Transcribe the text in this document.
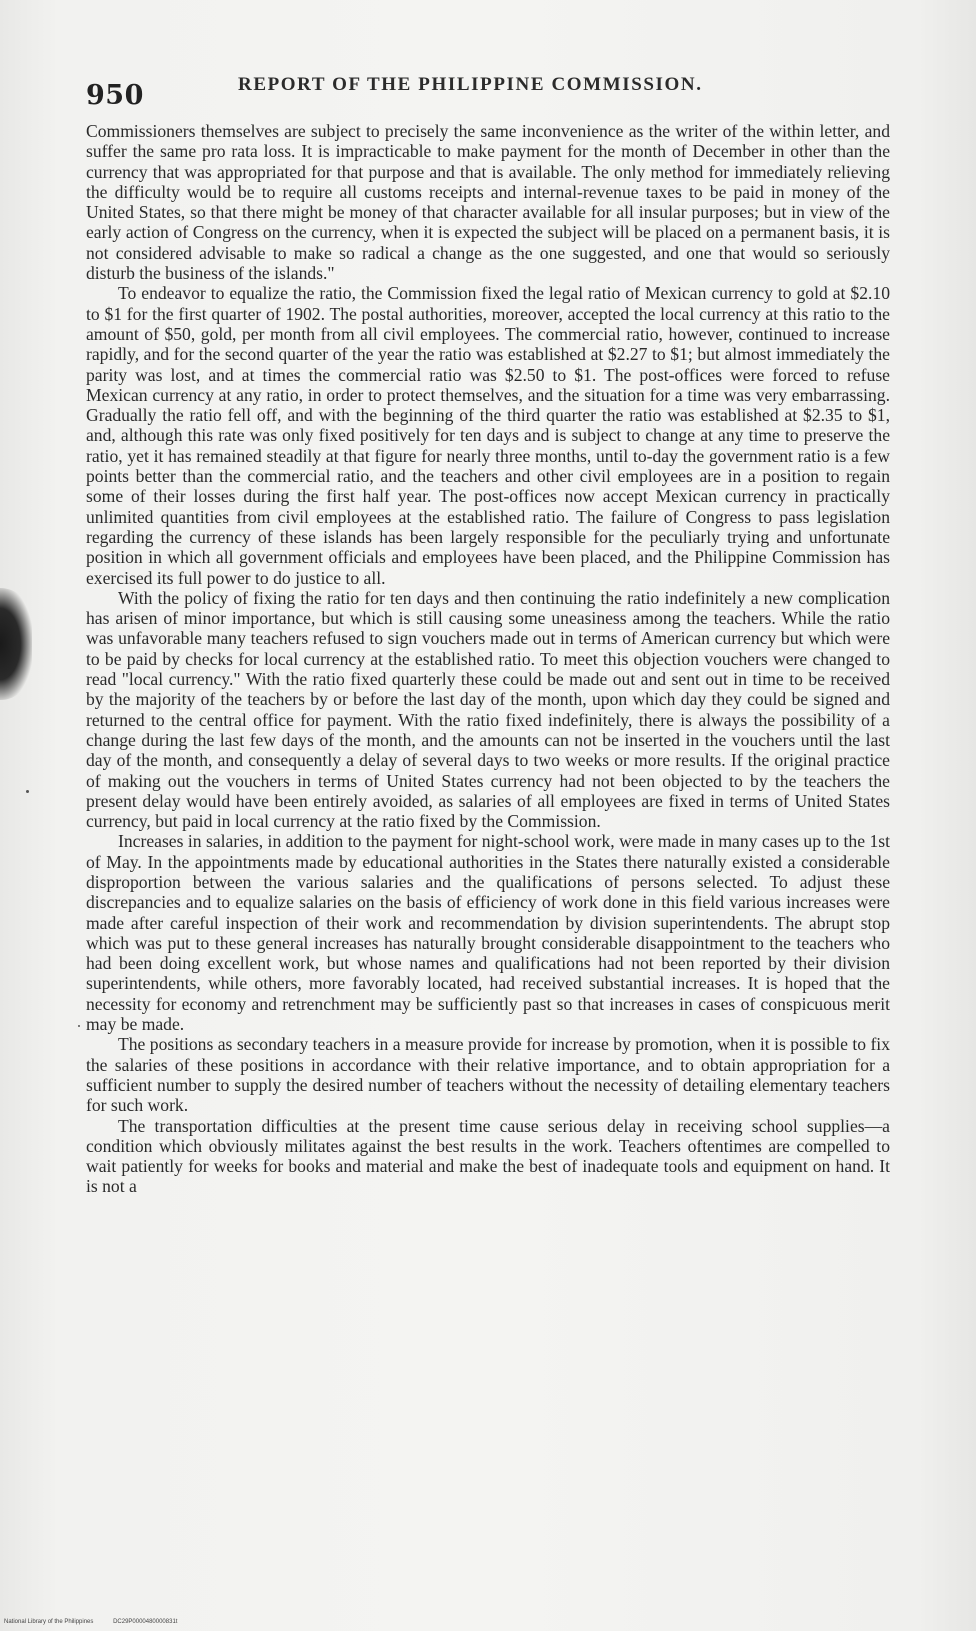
950	REPORT OF THE PHILIPPINE COMMISSION.

Commissioners themselves are subject to precisely the same inconvenience as the writer of the within letter, and suffer the same pro rata loss. It is impracticable to make payment for the month of December in other than the currency that was appropriated for that purpose and that is available. The only method for immediately relieving the difficulty would be to require all customs receipts and internal-revenue taxes to be paid in money of the United States, so that there might be money of that character available for all insular purposes; but in view of the early action of Congress on the currency, when it is expected the subject will be placed on a permanent basis, it is not considered advisable to make so radical a change as the one suggested, and one that would so seriously disturb the business of the islands."

To endeavor to equalize the ratio, the Commission fixed the legal ratio of Mexican currency to gold at $2.10 to $1 for the first quarter of 1902. The postal authorities, moreover, accepted the local currency at this ratio to the amount of $50, gold, per month from all civil employees. The commercial ratio, however, continued to increase rapidly, and for the second quarter of the year the ratio was established at $2.27 to $1; but almost immediately the parity was lost, and at times the commercial ratio was $2.50 to $1. The post-offices were forced to refuse Mexican currency at any ratio, in order to protect themselves, and the situation for a time was very embarrassing. Gradually the ratio fell off, and with the beginning of the third quarter the ratio was established at $2.35 to $1, and, although this rate was only fixed positively for ten days and is subject to change at any time to preserve the ratio, yet it has remained steadily at that figure for nearly three months, until to-day the government ratio is a few points better than the commercial ratio, and the teachers and other civil employees are in a position to regain some of their losses during the first half year. The post-offices now accept Mexican currency in practically unlimited quantities from civil employees at the established ratio. The failure of Congress to pass legislation regarding the currency of these islands has been largely responsible for the peculiarly trying and unfortunate position in which all government officials and employees have been placed, and the Philippine Commission has exercised its full power to do justice to all.

With the policy of fixing the ratio for ten days and then continuing the ratio indefinitely a new complication has arisen of minor importance, but which is still causing some uneasiness among the teachers. While the ratio was unfavorable many teachers refused to sign vouchers made out in terms of American currency but which were to be paid by checks for local currency at the established ratio. To meet this objection vouchers were changed to read "local currency." With the ratio fixed quarterly these could be made out and sent out in time to be received by the majority of the teachers by or before the last day of the month, upon which day they could be signed and returned to the central office for payment. With the ratio fixed indefinitely, there is always the possibility of a change during the last few days of the month, and the amounts can not be inserted in the vouchers until the last day of the month, and consequently a delay of several days to two weeks or more results. If the original practice of making out the vouchers in terms of United States currency had not been objected to by the teachers the present delay would have been entirely avoided, as salaries of all employees are fixed in terms of United States currency, but paid in local currency at the ratio fixed by the Commission.

Increases in salaries, in addition to the payment for night-school work, were made in many cases up to the 1st of May. In the appointments made by educational authorities in the States there naturally existed a considerable disproportion between the various salaries and the qualifications of persons selected. To adjust these discrepancies and to equalize salaries on the basis of efficiency of work done in this field various increases were made after careful inspection of their work and recommendation by division superintendents. The abrupt stop which was put to these general increases has naturally brought considerable disappointment to the teachers who had been doing excellent work, but whose names and qualifications had not been reported by their division superintendents, while others, more favorably located, had received substantial increases. It is hoped that the necessity for economy and retrenchment may be sufficiently past so that increases in cases of conspicuous merit may be made.

The positions as secondary teachers in a measure provide for increase by promotion, when it is possible to fix the salaries of these positions in accordance with their relative importance, and to obtain appropriation for a sufficient number to supply the desired number of teachers without the necessity of detailing elementary teachers for such work.

The transportation difficulties at the present time cause serious delay in receiving school supplies—a condition which obviously militates against the best results in the work. Teachers oftentimes are compelled to wait patiently for weeks for books and material and make the best of inadequate tools and equipment on hand. It is not a

National Library of the Philippines	DC29P0000480000831t
